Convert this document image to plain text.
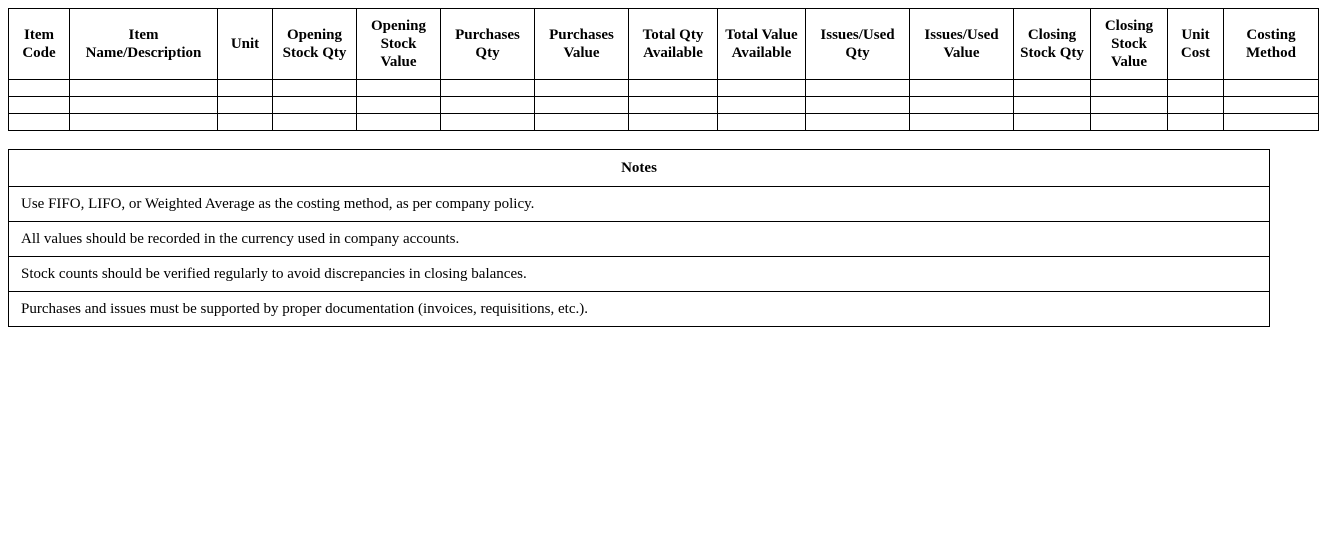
Item Code	Item Name/Description	Unit	Opening Stock Qty	Opening Stock Value	Purchases Qty	Purchases Value	Total Qty Available	Total Value Available	Issues/Used Qty	Issues/Used Value	Closing Stock Qty	Closing Stock Value	Unit Cost	Costing Method

Notes
Use FIFO, LIFO, or Weighted Average as the costing method, as per company policy.
All values should be recorded in the currency used in company accounts.
Stock counts should be verified regularly to avoid discrepancies in closing balances.
Purchases and issues must be supported by proper documentation (invoices, requisitions, etc.).
